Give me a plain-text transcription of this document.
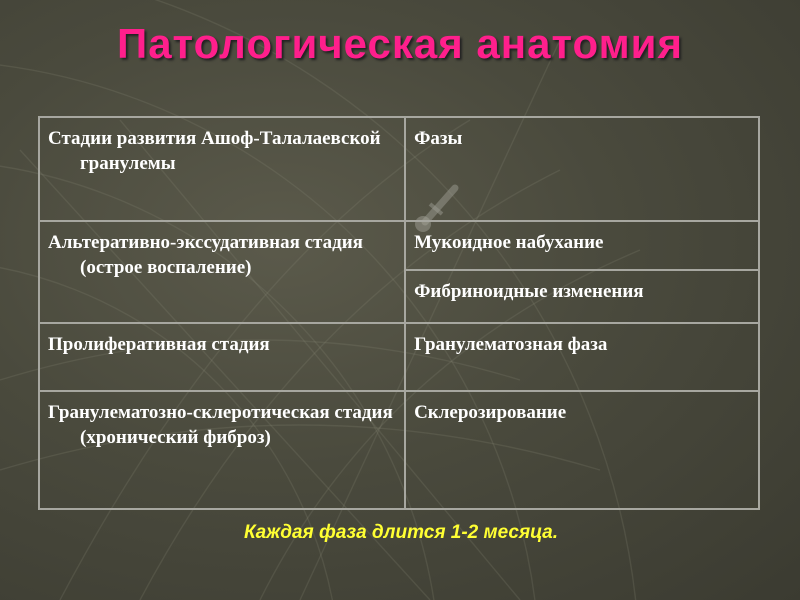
Патологическая анатомия
Стадии развития Ашоф-Талалаевской гранулемы	Фазы

Альтеративно-экссудативная стадия (острое воспаление)	Мукоидное набухание
	Фибриноидные изменения

Пролиферативная стадия	Гранулематозная фаза

Гранулематозно-склеротическая стадия (хронический фиброз)	Склерозирование
Каждая фаза длится 1-2 месяца.
